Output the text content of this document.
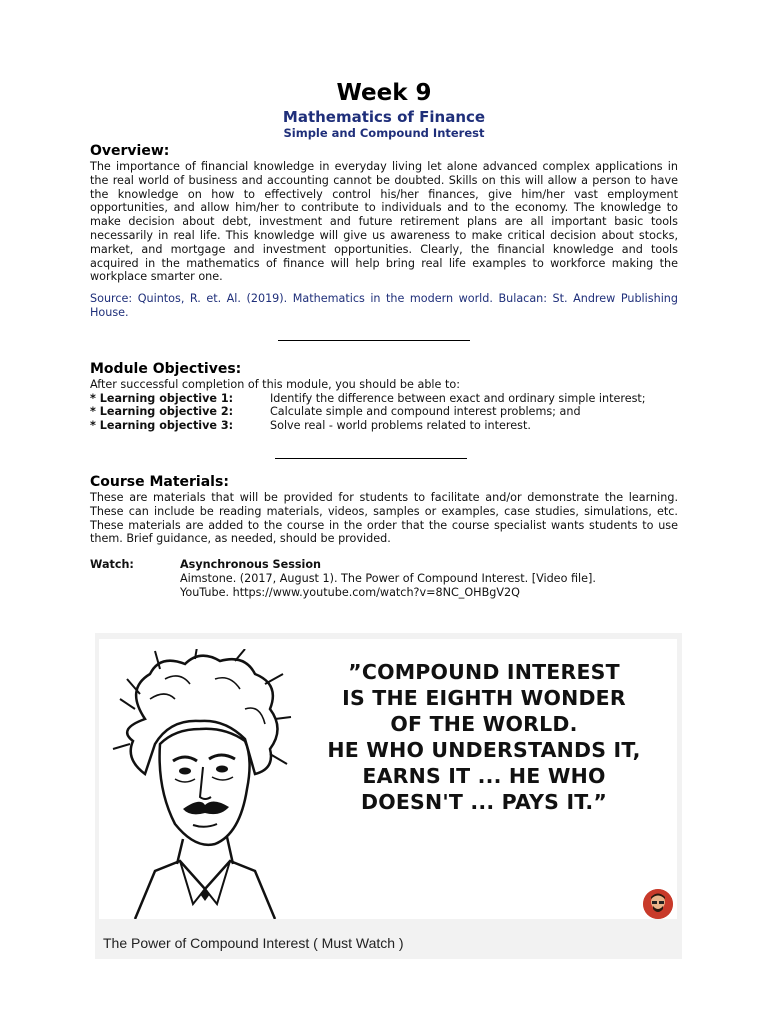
Week 9
Mathematics of Finance
Simple and Compound Interest
Overview:

The importance of financial knowledge in everyday living let alone advanced complex applications in the real world of business and accounting cannot be doubted. Skills on this will allow a person to have the knowledge on how to effectively control his/her finances, give him/her vast employment opportunities, and allow him/her to contribute to individuals and to the economy. The knowledge to make decision about debt, investment and future retirement plans are all important basic tools necessarily in real life. This knowledge will give us awareness to make critical decision about stocks, market, and mortgage and investment opportunities. Clearly, the financial knowledge and tools acquired in the mathematics of finance will help bring real life examples to workforce making the workplace smarter one.

Source: Quintos, R. et. Al. (2019). Mathematics in the modern world. Bulacan: St. Andrew Publishing House.

Module Objectives:
After successful completion of this module, you should be able to:
* Learning objective 1:	Identify the difference between exact and ordinary simple interest;
* Learning objective 2:	Calculate simple and compound interest problems; and
* Learning objective 3:	Solve real - world problems related to interest.
Course Materials:

These are materials that will be provided for students to facilitate and/or demonstrate the learning. These can include be reading materials, videos, samples or examples, case studies, simulations, etc. These materials are added to the course in the order that the course specialist wants students to use them. Brief guidance, as needed, should be provided.

Watch:	Asynchronous Session
Aimstone. (2017, August 1). The Power of Compound Interest. [Video file].
YouTube. https://www.youtube.com/watch?v=8NC_OHBgV2Q
”COMPOUND INTEREST
IS THE EIGHTH WONDER
OF THE WORLD.
HE WHO UNDERSTANDS IT,
EARNS IT ... HE WHO
DOESN'T ... PAYS IT.”
The Power of Compound Interest ( Must Watch )
